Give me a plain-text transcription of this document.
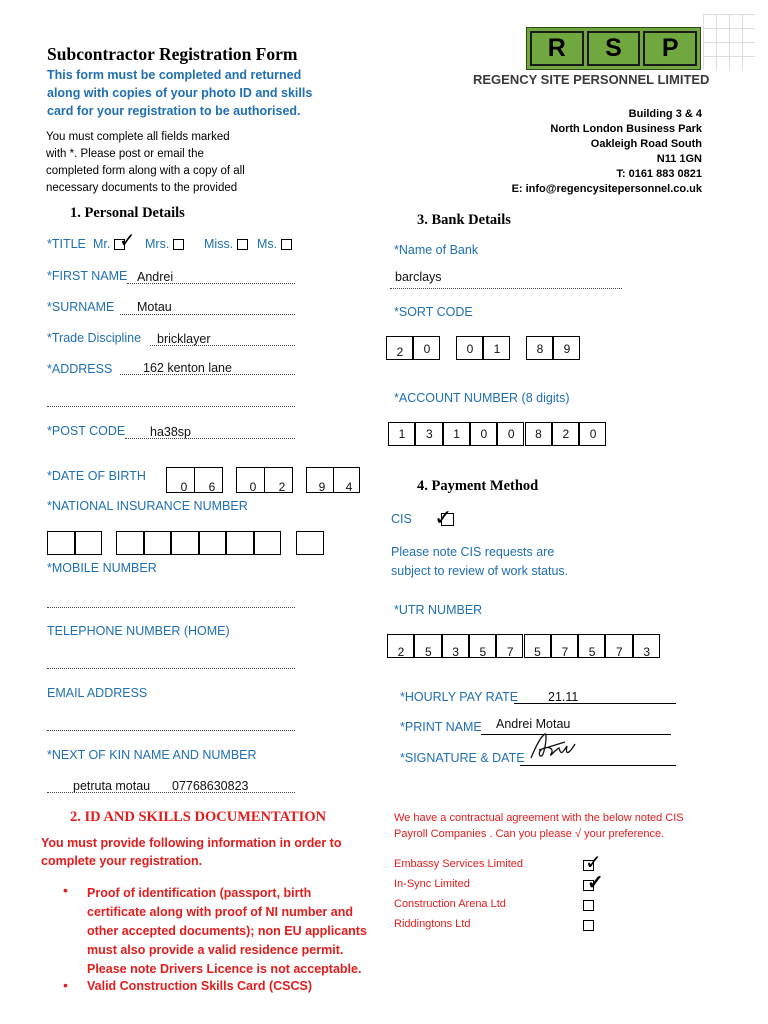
Subcontractor Registration Form
This form must be completed and returned
along with copies of your photo ID and skills
card for your registration to be authorised.
You must complete all fields marked
with *. Please post or email the
completed form along with a copy of all
necessary documents to the provided
R	S	P
REGENCY SITE PERSONNEL LIMITED
Building 3 & 4
North London Business Park
Oakleigh Road South
N11 1GN
T: 0161 883 0821
E: info@regencysitepersonnel.co.uk
1. Personal Details
*TITLE Mr. ✓ Mrs.	Miss.	Ms.
*FIRST NAME Andrei
*SURNAME Motau
*Trade Discipline bricklayer
*ADDRESS 162 kenton lane
*POST CODE ha38sp
*DATE OF BIRTH
0	6	0	2	9	4
*NATIONAL INSURANCE NUMBER
*MOBILE NUMBER
TELEPHONE NUMBER (HOME)
EMAIL ADDRESS
*NEXT OF KIN NAME AND NUMBER
petruta motau 07768630823
2. ID AND SKILLS DOCUMENTATION
You must provide following information in order to
complete your registration.
• Proof of identification (passport, birth
certificate along with proof of NI number and
other accepted documents); non EU applicants
must also provide a valid residence permit.
Please note Drivers Licence is not acceptable.
• Valid Construction Skills Card (CSCS)
3. Bank Details
*Name of Bank
barclays
*SORT CODE
2	0	0	1	8	9
*ACCOUNT NUMBER (8 digits)
1	3	1	0	0	8	2	0
4. Payment Method
CIS ✓
Please note CIS requests are
subject to review of work status.
*UTR NUMBER
2	5	3	5	7	5	7	5	7	3
*HOURLY PAY RATE 21.11
*PRINT NAME Andrei Motau
*SIGNATURE & DATE
We have a contractual agreement with the below noted CIS
Payroll Companies . Can you please √ your preference.
Embassy Services Limited	✓
In-Sync Limited	✓
Construction Arena Ltd
Riddingtons Ltd
